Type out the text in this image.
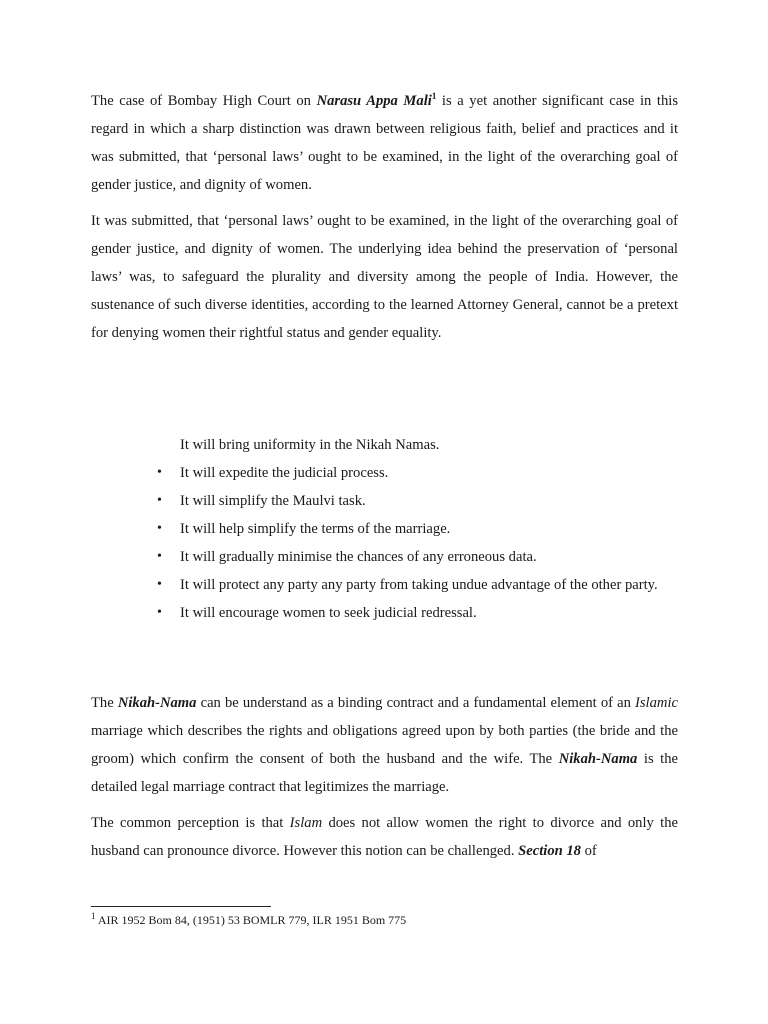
The case of Bombay High Court on Narasu Appa Mali$^1$ is a yet another significant case in this regard in which a sharp distinction was drawn between religious faith, belief and practices and it was submitted, that ‘personal laws’ ought to be examined, in the light of the overarching goal of gender justice, and dignity of women.

It was submitted, that ‘personal laws’ ought to be examined, in the light of the overarching goal of gender justice, and dignity of women. The underlying idea behind the preservation of ‘personal laws’ was, to safeguard the plurality and diversity among the people of India. However, the sustenance of such diverse identities, according to the learned Attorney General, cannot be a pretext for denying women their rightful status and gender equality.

It will bring uniformity in the Nikah Namas.
• It will expedite the judicial process.
• It will simplify the Maulvi task.
• It will help simplify the terms of the marriage.
• It will gradually minimise the chances of any erroneous data.
• It will protect any party any party from taking undue advantage of the other party.
• It will encourage women to seek judicial redressal.

The Nikah-Nama can be understand as a binding contract and a fundamental element of an Islamic marriage which describes the rights and obligations agreed upon by both parties (the bride and the groom) which confirm the consent of both the husband and the wife. The Nikah-Nama is the detailed legal marriage contract that legitimizes the marriage.

The common perception is that Islam does not allow women the right to divorce and only the husband can pronounce divorce. However this notion can be challenged. Section 18 of

$^1$ AIR 1952 Bom 84, (1951) 53 BOMLR 779, ILR 1951 Bom 775
